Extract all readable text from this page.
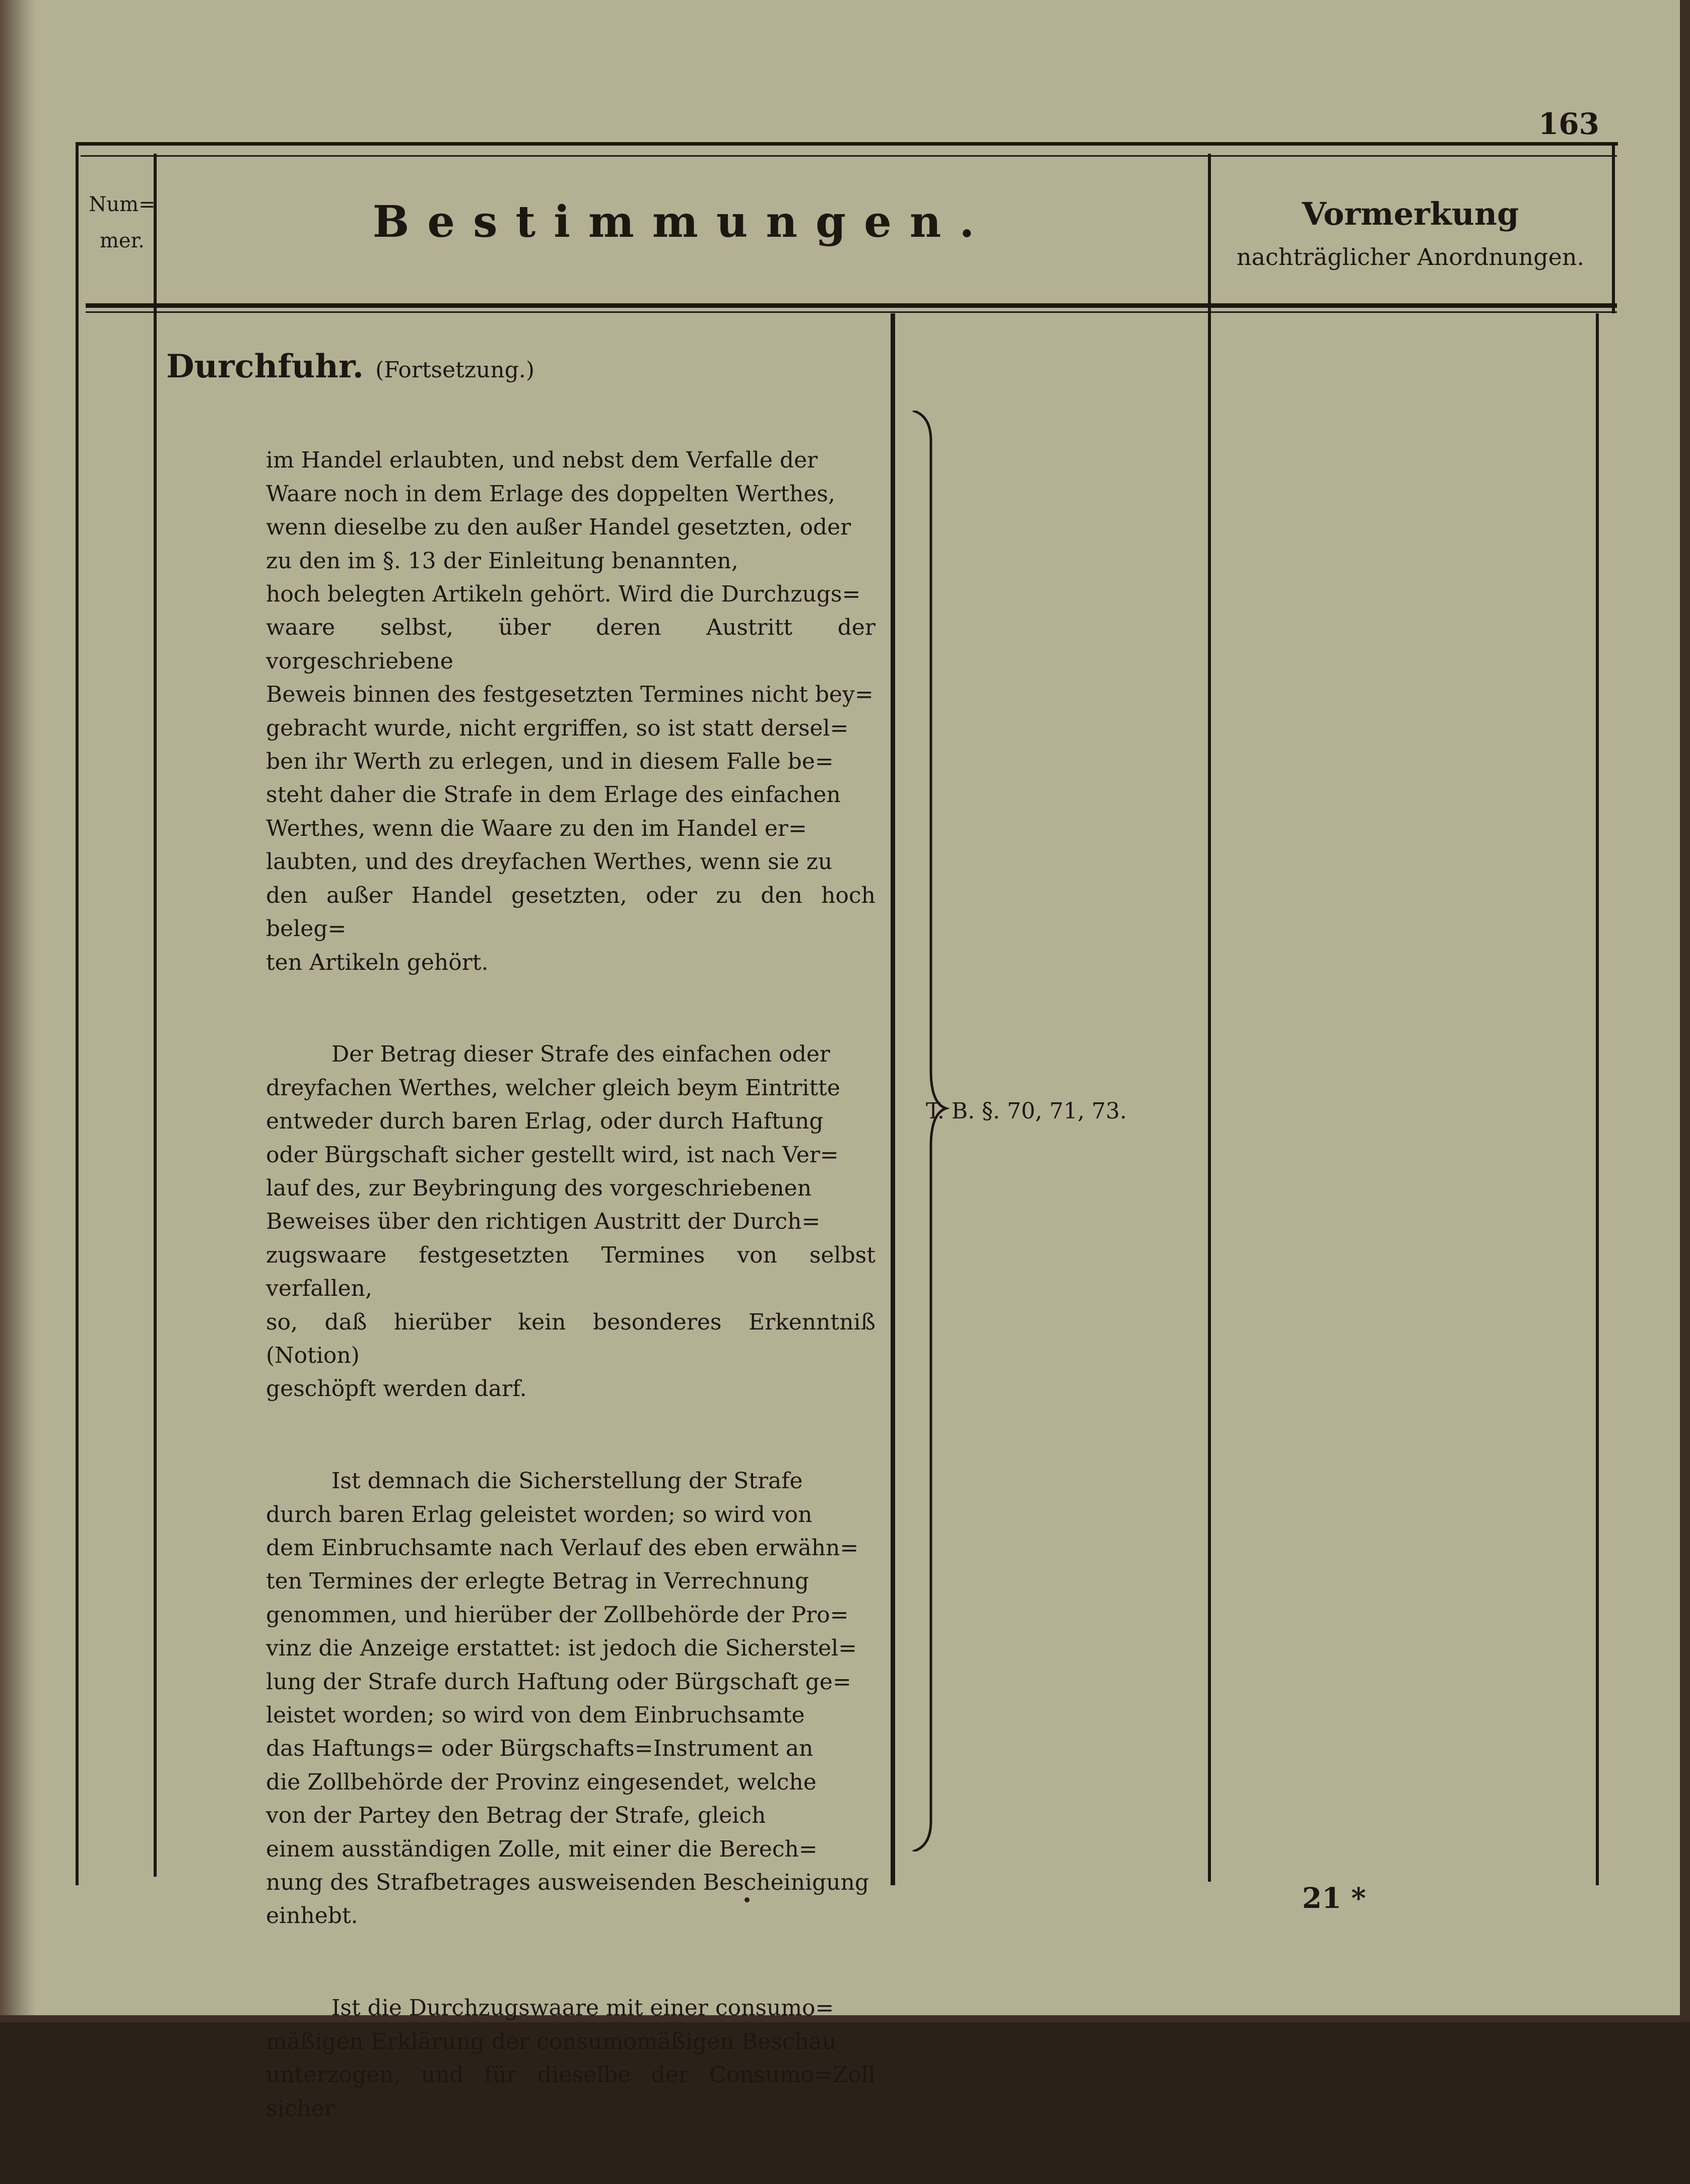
163
Num=
mer.	Bestimmungen.	Vormerkung
nachträglicher Anordnungen.
Durchfuhr. (Fortsetzung.)

im Handel erlaubten, und nebst dem Verfalle der
Waare noch in dem Erlage des doppelten Werthes,
wenn dieselbe zu den außer Handel gesetzten, oder
zu den im §. 13 der Einleitung benannten,
hoch belegten Artikeln gehört. Wird die Durchzugs=
waare selbst, über deren Austritt der vorgeschriebene
Beweis binnen des festgesetzten Termines nicht bey=
gebracht wurde, nicht ergriffen, so ist statt dersel=
ben ihr Werth zu erlegen, und in diesem Falle be=
steht daher die Strafe in dem Erlage des einfachen
Werthes, wenn die Waare zu den im Handel er=
laubten, und des dreyfachen Werthes, wenn sie zu
den außer Handel gesetzten, oder zu den hoch beleg=
ten Artikeln gehört.

Der Betrag dieser Strafe des einfachen oder
dreyfachen Werthes, welcher gleich beym Eintritte
entweder durch baren Erlag, oder durch Haftung
oder Bürgschaft sicher gestellt wird, ist nach Ver=
lauf des, zur Beybringung des vorgeschriebenen
Beweises über den richtigen Austritt der Durch=
zugswaare festgesetzten Termines von selbst verfallen,
so, daß hierüber kein besonderes Erkenntniß (Notion)
geschöpft werden darf.

Ist demnach die Sicherstellung der Strafe
durch baren Erlag geleistet worden; so wird von
dem Einbruchsamte nach Verlauf des eben erwähn=
ten Termines der erlegte Betrag in Verrechnung
genommen, und hierüber der Zollbehörde der Pro=
vinz die Anzeige erstattet: ist jedoch die Sicherstel=
lung der Strafe durch Haftung oder Bürgschaft ge=
leistet worden; so wird von dem Einbruchsamte
das Haftungs= oder Bürgschafts=Instrument an
die Zollbehörde der Provinz eingesendet, welche
von der Partey den Betrag der Strafe, gleich
einem ausständigen Zolle, mit einer die Berech=
nung des Strafbetrages ausweisenden Bescheinigung
einhebt.

Ist die Durchzugswaare mit einer consumo=
mäßigen Erklärung der consumomäßigen Beschau
unterzogen, und für dieselbe der Consumo=Zoll sicher

T. B. §. 70, 71, 73.
21 *
